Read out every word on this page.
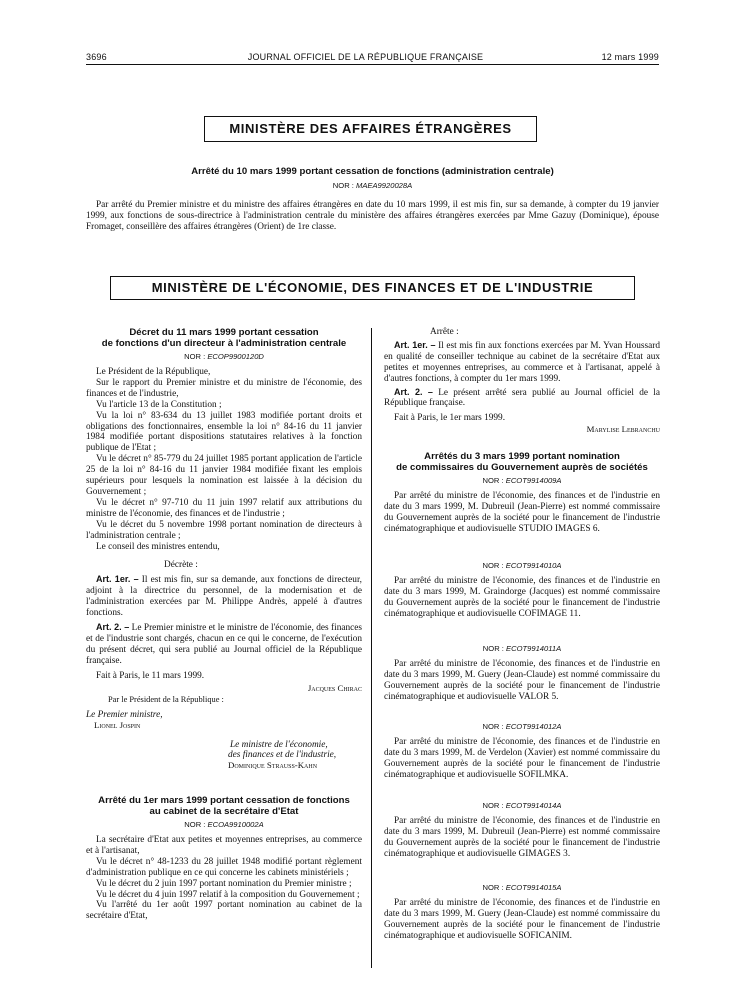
3696	JOURNAL OFFICIEL DE LA RÉPUBLIQUE FRANÇAISE	12 mars 1999
MINISTÈRE DES AFFAIRES ÉTRANGÈRES
Arrêté du 10 mars 1999 portant cessation de fonctions (administration centrale)
NOR : MAEA9920028A

Par arrêté du Premier ministre et du ministre des affaires étrangères en date du 10 mars 1999, il est mis fin, sur sa demande, à compter du 19 janvier 1999, aux fonctions de sous-directrice à l'administration centrale du ministère des affaires étrangères exercées par Mme Gazuy (Dominique), épouse Fromaget, conseillère des affaires étrangères (Orient) de 1re classe.

MINISTÈRE DE L'ÉCONOMIE, DES FINANCES ET DE L'INDUSTRIE
Décret du 11 mars 1999 portant cessation
de fonctions d'un directeur à l'administration centrale
NOR : ECOP9900120D

Le Président de la République,

Sur le rapport du Premier ministre et du ministre de l'économie, des finances et de l'industrie,

Vu l'article 13 de la Constitution ;

Vu la loi n° 83-634 du 13 juillet 1983 modifiée portant droits et obligations des fonctionnaires, ensemble la loi n° 84-16 du 11 janvier 1984 modifiée portant dispositions statutaires relatives à la fonction publique de l'Etat ;

Vu le décret n° 85-779 du 24 juillet 1985 portant application de l'article 25 de la loi n° 84-16 du 11 janvier 1984 modifiée fixant les emplois supérieurs pour lesquels la nomination est laissée à la décision du Gouvernement ;

Vu le décret n° 97-710 du 11 juin 1997 relatif aux attributions du ministre de l'économie, des finances et de l'industrie ;

Vu le décret du 5 novembre 1998 portant nomination de directeurs à l'administration centrale ;

Le conseil des ministres entendu,

Décrète :

Art. 1er. – Il est mis fin, sur sa demande, aux fonctions de directeur, adjoint à la directrice du personnel, de la modernisation et de l'administration exercées par M. Philippe Andrès, appelé à d'autres fonctions.

Art. 2. – Le Premier ministre et le ministre de l'économie, des finances et de l'industrie sont chargés, chacun en ce qui le concerne, de l'exécution du présent décret, qui sera publié au Journal officiel de la République française.

Fait à Paris, le 11 mars 1999.

Jacques Chirac
Par le Président de la République :
Le Premier ministre,
Lionel Jospin
Le ministre de l'économie,
des finances et de l'industrie,
Dominique Strauss-Kahn
Arrêté du 1er mars 1999 portant cessation de fonctions
au cabinet de la secrétaire d'Etat
NOR : ECOA9910002A

La secrétaire d'Etat aux petites et moyennes entreprises, au commerce et à l'artisanat,

Vu le décret n° 48-1233 du 28 juillet 1948 modifié portant règlement d'administration publique en ce qui concerne les cabinets ministériels ;

Vu le décret du 2 juin 1997 portant nomination du Premier ministre ;

Vu le décret du 4 juin 1997 relatif à la composition du Gouvernement ;

Vu l'arrêté du 1er août 1997 portant nomination au cabinet de la secrétaire d'Etat,

Arrête :

Art. 1er. – Il est mis fin aux fonctions exercées par M. Yvan Houssard en qualité de conseiller technique au cabinet de la secrétaire d'Etat aux petites et moyennes entreprises, au commerce et à l'artisanat, appelé à d'autres fonctions, à compter du 1er mars 1999.

Art. 2. – Le présent arrêté sera publié au Journal officiel de la République française.

Fait à Paris, le 1er mars 1999.

Marylise Lebranchu
Arrêtés du 3 mars 1999 portant nomination
de commissaires du Gouvernement auprès de sociétés
NOR : ECOT9914009A

Par arrêté du ministre de l'économie, des finances et de l'industrie en date du 3 mars 1999, M. Dubreuil (Jean-Pierre) est nommé commissaire du Gouvernement auprès de la société pour le financement de l'industrie cinématographique et audiovisuelle STUDIO IMAGES 6.

NOR : ECOT9914010A

Par arrêté du ministre de l'économie, des finances et de l'industrie en date du 3 mars 1999, M. Graindorge (Jacques) est nommé commissaire du Gouvernement auprès de la société pour le financement de l'industrie cinématographique et audiovisuelle COFIMAGE 11.

NOR : ECOT9914011A

Par arrêté du ministre de l'économie, des finances et de l'industrie en date du 3 mars 1999, M. Guery (Jean-Claude) est nommé commissaire du Gouvernement auprès de la société pour le financement de l'industrie cinématographique et audiovisuelle VALOR 5.

NOR : ECOT9914012A

Par arrêté du ministre de l'économie, des finances et de l'industrie en date du 3 mars 1999, M. de Verdelon (Xavier) est nommé commissaire du Gouvernement auprès de la société pour le financement de l'industrie cinématographique et audiovisuelle SOFILMKA.

NOR : ECOT9914014A

Par arrêté du ministre de l'économie, des finances et de l'industrie en date du 3 mars 1999, M. Dubreuil (Jean-Pierre) est nommé commissaire du Gouvernement auprès de la société pour le financement de l'industrie cinématographique et audiovisuelle GIMAGES 3.

NOR : ECOT9914015A

Par arrêté du ministre de l'économie, des finances et de l'industrie en date du 3 mars 1999, M. Guery (Jean-Claude) est nommé commissaire du Gouvernement auprès de la société pour le financement de l'industrie cinématographique et audiovisuelle SOFICANIM.
